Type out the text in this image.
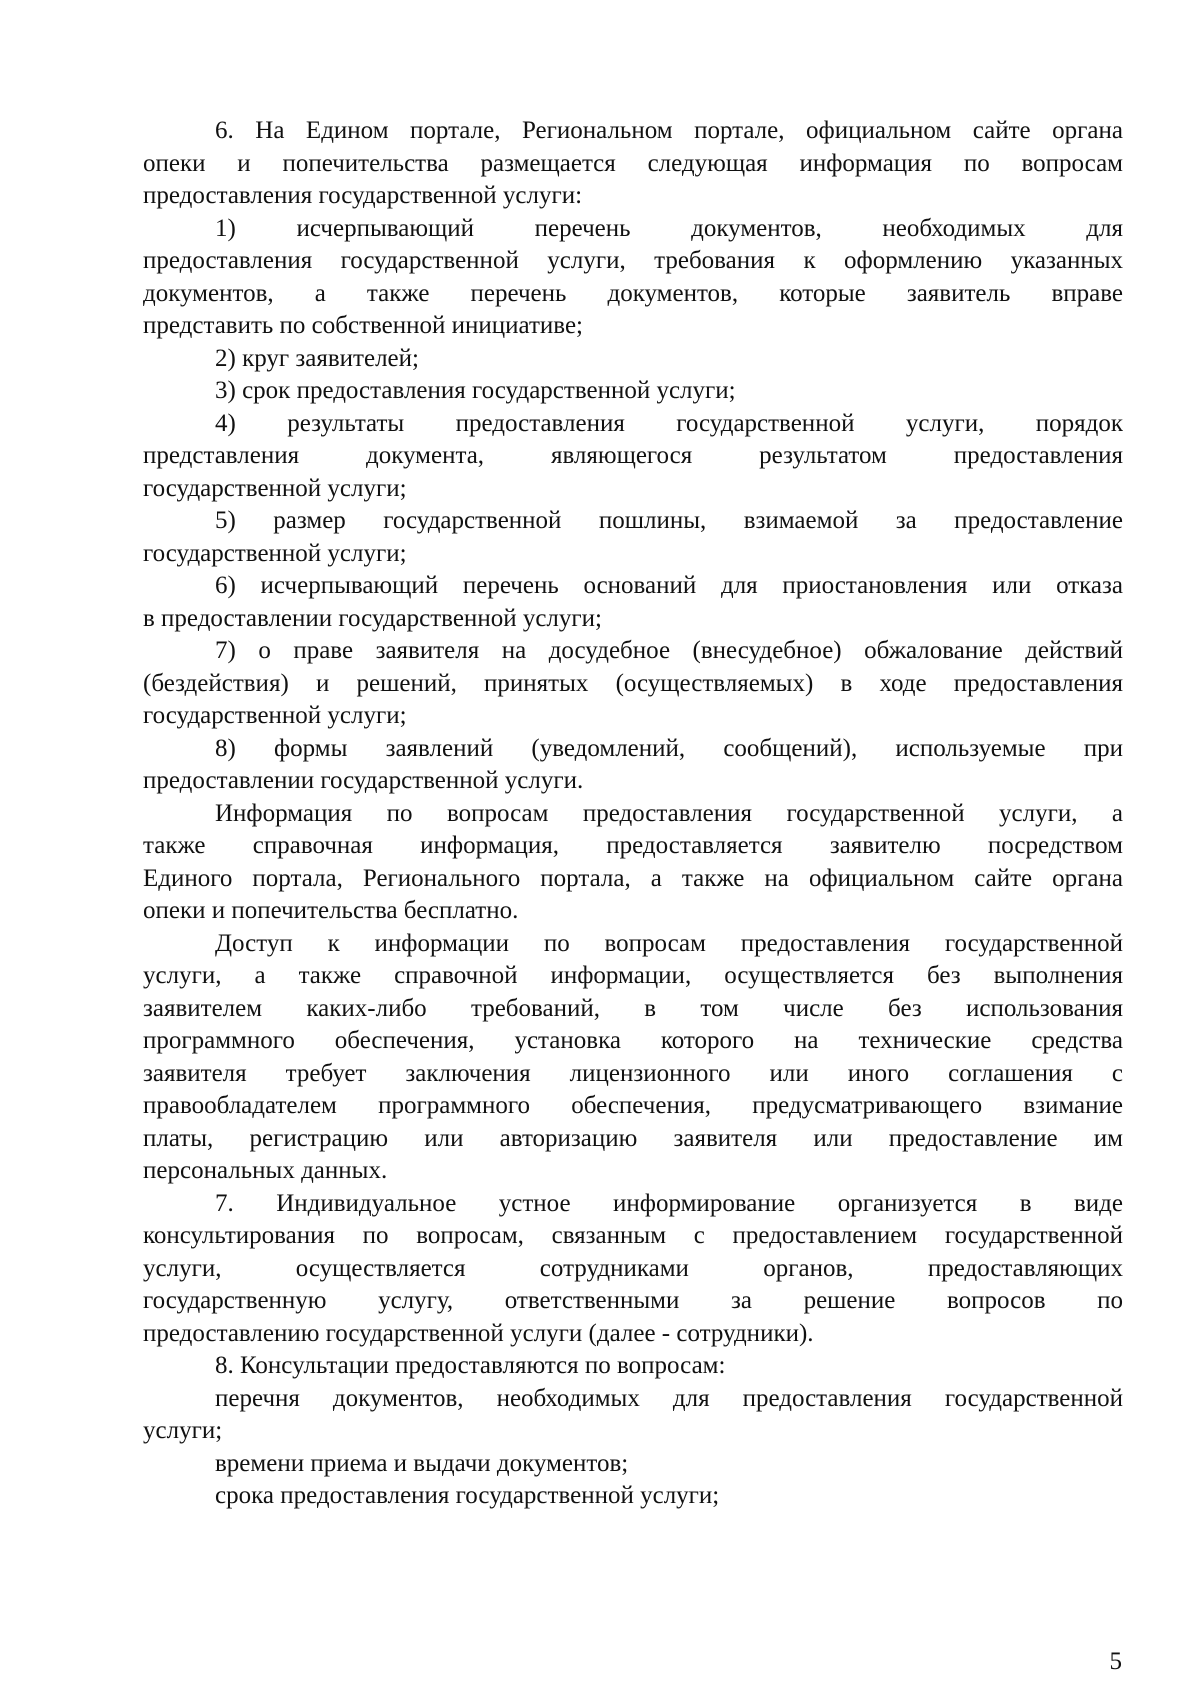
6. На Едином портале, Региональном портале, официальном сайте органа
опеки и попечительства размещается следующая информация по вопросам
предоставления государственной услуги:
1) исчерпывающий перечень документов, необходимых для
предоставления государственной услуги, требования к оформлению указанных
документов, а также перечень документов, которые заявитель вправе
представить по собственной инициативе;
2) круг заявителей;
3) срок предоставления государственной услуги;
4) результаты предоставления государственной услуги, порядок
представления документа, являющегося результатом предоставления
государственной услуги;
5) размер государственной пошлины, взимаемой за предоставление
государственной услуги;
6) исчерпывающий перечень оснований для приостановления или отказа
в предоставлении государственной услуги;
7) о праве заявителя на досудебное (внесудебное) обжалование действий
(бездействия) и решений, принятых (осуществляемых) в ходе предоставления
государственной услуги;
8) формы заявлений (уведомлений, сообщений), используемые при
предоставлении государственной услуги.
Информация по вопросам предоставления государственной услуги, а
также справочная информация, предоставляется заявителю посредством
Единого портала, Регионального портала, а также на официальном сайте органа
опеки и попечительства бесплатно.
Доступ к информации по вопросам предоставления государственной
услуги, а также справочной информации, осуществляется без выполнения
заявителем каких-либо требований, в том числе без использования
программного обеспечения, установка которого на технические средства
заявителя требует заключения лицензионного или иного соглашения с
правообладателем программного обеспечения, предусматривающего взимание
платы, регистрацию или авторизацию заявителя или предоставление им
персональных данных.
7. Индивидуальное устное информирование организуется в виде
консультирования по вопросам, связанным с предоставлением государственной
услуги, осуществляется сотрудниками органов, предоставляющих
государственную услугу, ответственными за решение вопросов по
предоставлению государственной услуги (далее - сотрудники).
8. Консультации предоставляются по вопросам:
перечня документов, необходимых для предоставления государственной
услуги;
времени приема и выдачи документов;
срока предоставления государственной услуги;
5
